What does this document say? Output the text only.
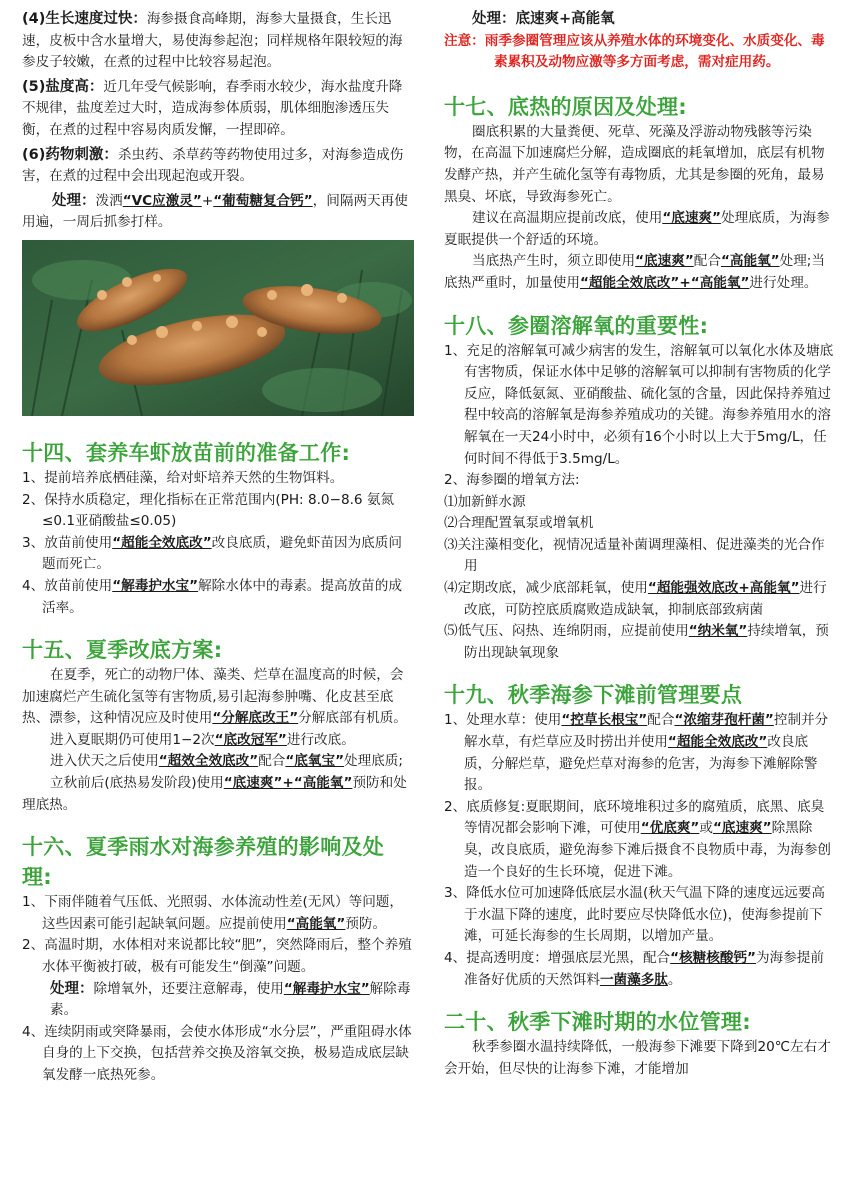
(4)生长速度过快：海参摄食高峰期，海参大量摄食，生长迅速，皮板中含水量增大，易使海参起泡；同样规格年限较短的海参皮子较嫩，在煮的过程中比较容易起泡。

(5)盐度高：近几年受气候影响，春季雨水较少，海水盐度升降不规律，盐度差过大时，造成海参体质弱，肌体细胞渗透压失衡，在煮的过程中容易肉质发懈，一捏即碎。

(6)药物刺激：杀虫药、杀草药等药物使用过多，对海参造成伤害，在煮的过程中会出现起泡或开裂。

处理：泼洒“VC应激灵”+“葡萄糖复合钙”，间隔两天再使用遍，一周后抓参打样。

十四、套养车虾放苗前的准备工作:

1、提前培养底栖硅藻，给对虾培养天然的生物饵料。

2、保持水质稳定，理化指标在正常范围内(PH: 8.0−8.6 氨氮≤0.1亚硝酸盐≤0.05)

3、放苗前使用“超能全效底改”改良底质，避免虾苗因为底质问题而死亡。

4、放苗前使用“解毒护水宝”解除水体中的毒素。提高放苗的成活率。

十五、夏季改底方案:

在夏季，死亡的动物尸体、藻类、烂草在温度高的时候，会加速腐烂产生硫化氢等有害物质,易引起海参肿嘴、化皮甚至底热、漂参，这种情况应及时使用“分解底改王”分解底部有机质。

进入夏眠期仍可使用1−2次“底改冠军”进行改底。

进入伏天之后使用“超效全效底改”配合“底氧宝”处理底质;

立秋前后(底热易发阶段)使用“底速爽”+“高能氧”预防和处理底热。

十六、夏季雨水对海参养殖的影响及处理:

1、下雨伴随着气压低、光照弱、水体流动性差(无风）等问题，这些因素可能引起缺氧问题。应提前使用“高能氧”预防。

2、高温时期，水体相对来说都比较“肥”，突然降雨后，整个养殖水体平衡被打破，极有可能发生“倒藻”问题。

处理：除增氧外，还要注意解毒，使用“解毒护水宝”解除毒素。

4、连续阴雨或突降暴雨，会使水体形成“水分层”，严重阻碍水体自身的上下交换，包括营养交换及溶氧交换，极易造成底层缺氧发酵一底热死参。

处理：底速爽+高能氧

注意：雨季参圈管理应该从养殖水体的环境变化、水质变化、毒素累积及动物应激等多方面考虑，需对症用药。

十七、底热的原因及处理:

圈底积累的大量粪便、死草、死藻及浮游动物残骸等污染物，在高温下加速腐烂分解，造成圈底的耗氧增加，底层有机物发酵产热，并产生硫化氢等有毒物质，尤其是参圈的死角，最易黑臭、坏底，导致海参死亡。

建议在高温期应提前改底，使用“底速爽”处理底质，为海参夏眠提供一个舒适的环境。

当底热产生时，须立即使用“底速爽”配合“高能氧”处理;当底热严重时，加量使用“超能全效底改”+“高能氧”进行处理。

十八、参圈溶解氧的重要性:

1、充足的溶解氧可减少病害的发生，溶解氧可以氧化水体及塘底有害物质，保证水体中足够的溶解氧可以抑制有害物质的化学反应，降低氨氮、亚硝酸盐、硫化氢的含量，因此保持养殖过程中较高的溶解氧是海参养殖成功的关键。海参养殖用水的溶解氧在一天24小时中，必须有16个小时以上大于5mg/L，任何时间不得低于3.5mg/L。

2、海参圈的增氧方法:

⑴加新鲜水源

⑵合理配置氧泵或增氧机

⑶关注藻相变化，视情况适量补菌调理藻相、促进藻类的光合作用

⑷定期改底，减少底部耗氧，使用“超能强效底改+高能氧”进行改底，可防控底质腐败造成缺氧，抑制底部致病菌

⑸低气压、闷热、连绵阴雨，应提前使用“纳米氧”持续增氧，预防出现缺氧现象

十九、秋季海参下滩前管理要点

1、处理水草：使用“控草长根宝”配合“浓缩芽孢杆菌”控制并分解水草，有烂草应及时捞出并使用“超能全效底改”改良底质，分解烂草，避免烂草对海参的危害，为海参下滩解除警报。

2、底质修复:夏眠期间，底环境堆积过多的腐殖质，底黑、底臭等情况都会影响下滩，可使用“优底爽”或“底速爽”除黑除臭，改良底质，避免海参下滩后摄食不良物质中毒，为海参创造一个良好的生长环境，促进下滩。

3、降低水位可加速降低底层水温(秋天气温下降的速度远远要高于水温下降的速度，此时要应尽快降低水位)，使海参提前下滩，可延长海参的生长周期，以增加产量。

4、提高透明度：增强底层光黑，配合“核糖核酸钙”为海参提前准备好优质的天然饵料一菌藻多肽。

二十、秋季下滩时期的水位管理:

秋季参圈水温持续降低，一般海参下滩要下降到20℃左右才会开始，但尽快的让海参下滩，才能增加
